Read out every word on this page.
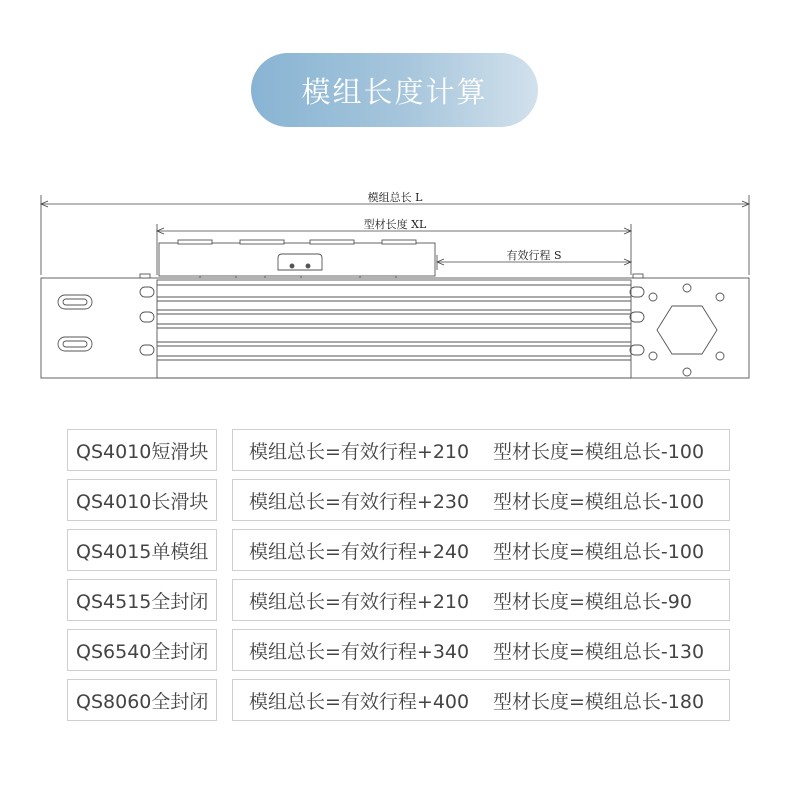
模组长度计算
模组总长 L
型材长度 XL
有效行程 S
QS4010短滑块	模组总长=有效行程+210	型材长度=模组总长-100
QS4010长滑块	模组总长=有效行程+230	型材长度=模组总长-100
QS4015单模组	模组总长=有效行程+240	型材长度=模组总长-100
QS4515全封闭	模组总长=有效行程+210	型材长度=模组总长-90
QS6540全封闭	模组总长=有效行程+340	型材长度=模组总长-130
QS8060全封闭	模组总长=有效行程+400	型材长度=模组总长-180
